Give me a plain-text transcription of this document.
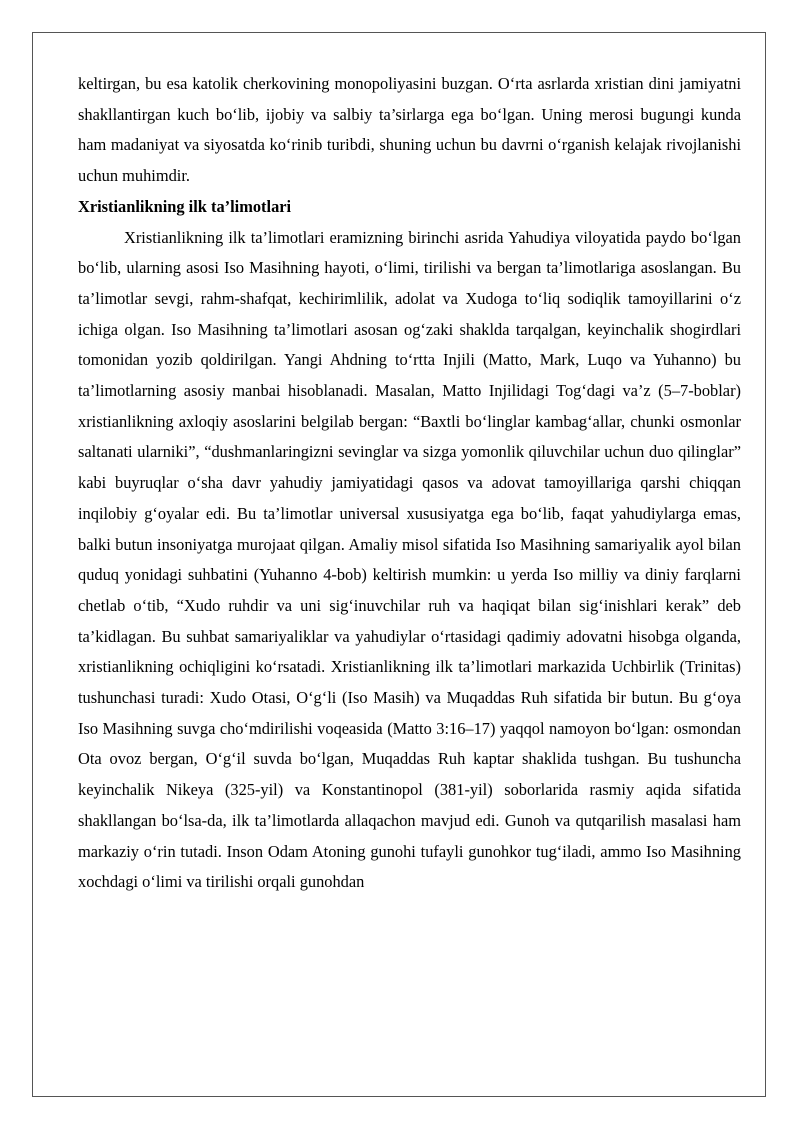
keltirgan, bu esa katolik cherkovining monopoliyasini buzgan. O‘rta asrlarda xristian dini jamiyatni shakllantirgan kuch bo‘lib, ijobiy va salbiy ta’sirlarga ega bo‘lgan. Uning merosi bugungi kunda ham madaniyat va siyosatda ko‘rinib turibdi, shuning uchun bu davrni o‘rganish kelajak rivojlanishi uchun muhimdir.

Xristianlikning ilk ta’limotlari

Xristianlikning ilk ta’limotlari eramizning birinchi asrida Yahudiya viloyatida paydo bo‘lgan bo‘lib, ularning asosi Iso Masihning hayoti, o‘limi, tirilishi va bergan ta’limotlariga asoslangan. Bu ta’limotlar sevgi, rahm-shafqat, kechirimlilik, adolat va Xudoga to‘liq sodiqlik tamoyillarini o‘z ichiga olgan. Iso Masihning ta’limotlari asosan og‘zaki shaklda tarqalgan, keyinchalik shogirdlari tomonidan yozib qoldirilgan. Yangi Ahdning to‘rtta Injili (Matto, Mark, Luqo va Yuhanno) bu ta’limotlarning asosiy manbai hisoblanadi. Masalan, Matto Injilidagi Tog‘dagi va’z (5–7-boblar) xristianlikning axloqiy asoslarini belgilab bergan: “Baxtli bo‘linglar kambag‘allar, chunki osmonlar saltanati ularniki”, “dushmanlaringizni sevinglar va sizga yomonlik qiluvchilar uchun duo qilinglar” kabi buyruqlar o‘sha davr yahudiy jamiyatidagi qasos va adovat tamoyillariga qarshi chiqqan inqilobiy g‘oyalar edi. Bu ta’limotlar universal xususiyatga ega bo‘lib, faqat yahudiylarga emas, balki butun insoniyatga murojaat qilgan. Amaliy misol sifatida Iso Masihning samariyalik ayol bilan quduq yonidagi suhbatini (Yuhanno 4-bob) keltirish mumkin: u yerda Iso milliy va diniy farqlarni chetlab o‘tib, “Xudo ruhdir va uni sig‘inuvchilar ruh va haqiqat bilan sig‘inishlari kerak” deb ta’kidlagan. Bu suhbat samariyaliklar va yahudiylar o‘rtasidagi qadimiy adovatni hisobga olganda, xristianlikning ochiqligini ko‘rsatadi. Xristianlikning ilk ta’limotlari markazida Uchbirlik (Trinitas) tushunchasi turadi: Xudo Otasi, O‘g‘li (Iso Masih) va Muqaddas Ruh sifatida bir butun. Bu g‘oya Iso Masihning suvga cho‘mdirilishi voqeasida (Matto 3:16–17) yaqqol namoyon bo‘lgan: osmondan Ota ovoz bergan, O‘g‘il suvda bo‘lgan, Muqaddas Ruh kaptar shaklida tushgan. Bu tushuncha keyinchalik Nikeya (325-yil) va Konstantinopol (381-yil) soborlarida rasmiy aqida sifatida shakllangan bo‘lsa-da, ilk ta’limotlarda allaqachon mavjud edi. Gunoh va qutqarilish masalasi ham markaziy o‘rin tutadi. Inson Odam Atoning gunohi tufayli gunohkor tug‘iladi, ammo Iso Masihning xochdagi o‘limi va tirilishi orqali gunohdan
